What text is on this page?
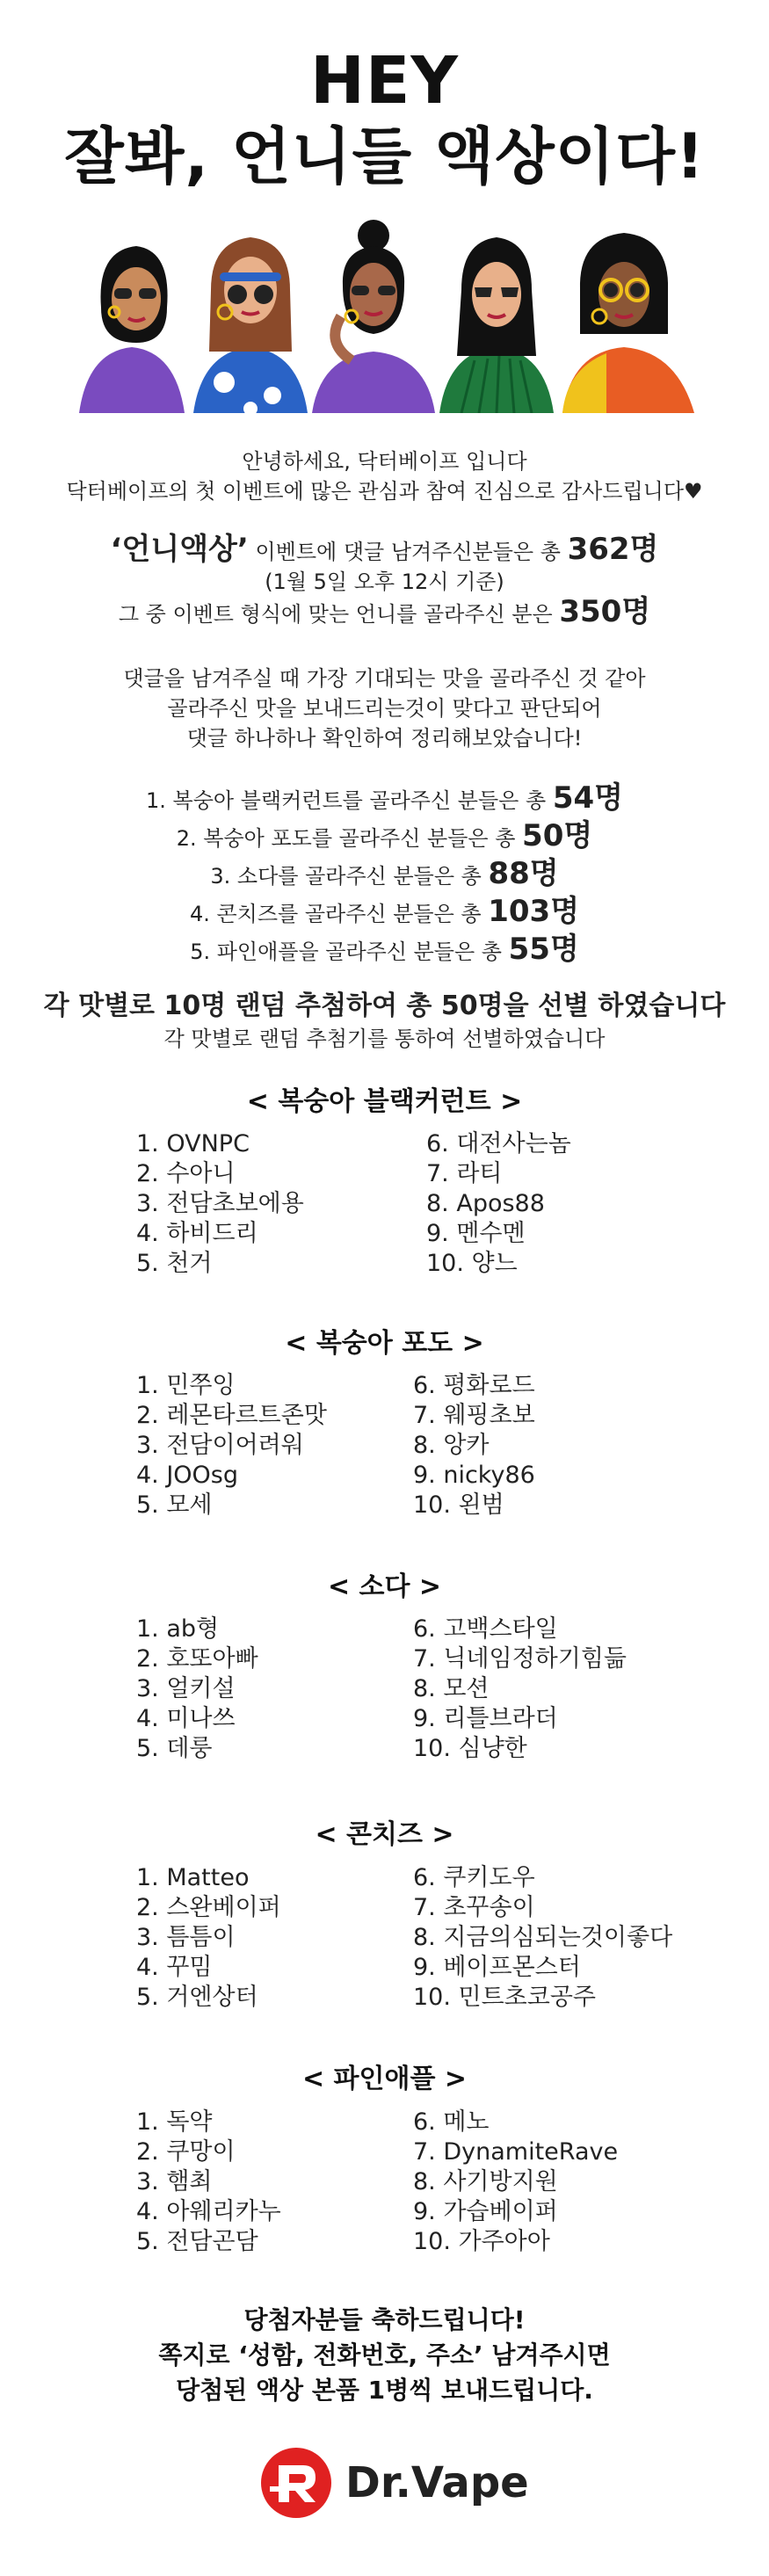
HEY
잘봐, 언니들 액상이다!
안녕하세요, 닥터베이프 입니다
닥터베이프의 첫 이벤트에 많은 관심과 참여 진심으로 감사드립니다♥
‘언니액상’ 이벤트에 댓글 남겨주신분들은 총 362명
(1월 5일 오후 12시 기준)
그 중 이벤트 형식에 맞는 언니를 골라주신 분은 350명
댓글을 남겨주실 때 가장 기대되는 맛을 골라주신 것 같아
골라주신 맛을 보내드리는것이 맞다고 판단되어
댓글 하나하나 확인하여 정리해보았습니다!
1. 복숭아 블랙커런트를 골라주신 분들은 총 54명
2. 복숭아 포도를 골라주신 분들은 총 50명
3. 소다를 골라주신 분들은 총 88명
4. 콘치즈를 골라주신 분들은 총 103명
5. 파인애플을 골라주신 분들은 총 55명
각 맛별로 10명 랜덤 추첨하여 총 50명을 선별 하였습니다
각 맛별로 랜덤 추첨기를 통하여 선별하였습니다
< 복숭아 블랙커런트 >
1. OVNPC
2. 수아니
3. 전담초보에용
4. 하비드리
5. 천거
6. 대전사는놈
7. 라티
8. Apos88
9. 멘수멘
10. 양느
< 복숭아 포도 >
1. 민쭈잉
2. 레몬타르트존맛
3. 전담이어려워
4. JOOsg
5. 모세
6. 평화로드
7. 웨핑초보
8. 앙카
9. nicky86
10. 왼범
< 소다 >
1. ab형
2. 호또아빠
3. 얼키설
4. 미나쓰
5. 데룽
6. 고백스타일
7. 닉네임정하기힘듦
8. 모션
9. 리틀브라더
10. 심냥한
< 콘치즈 >
1. Matteo
2. 스완베이퍼
3. 틈틈이
4. 꾸밈
5. 거엔상터
6. 쿠키도우
7. 초꾸송이
8. 지금의심되는것이좋다
9. 베이프몬스터
10. 민트초코공주
< 파인애플 >
1. 독약
2. 쿠망이
3. 햄최
4. 아웨리카누
5. 전담곤담
6. 메노
7. DynamiteRave
8. 사기방지원
9. 가습베이퍼
10. 가주아아
당첨자분들 축하드립니다!
쪽지로 ‘성함, 전화번호, 주소’ 남겨주시면
당첨된 액상 본품 1병씩 보내드립니다.
Dr.Vape
